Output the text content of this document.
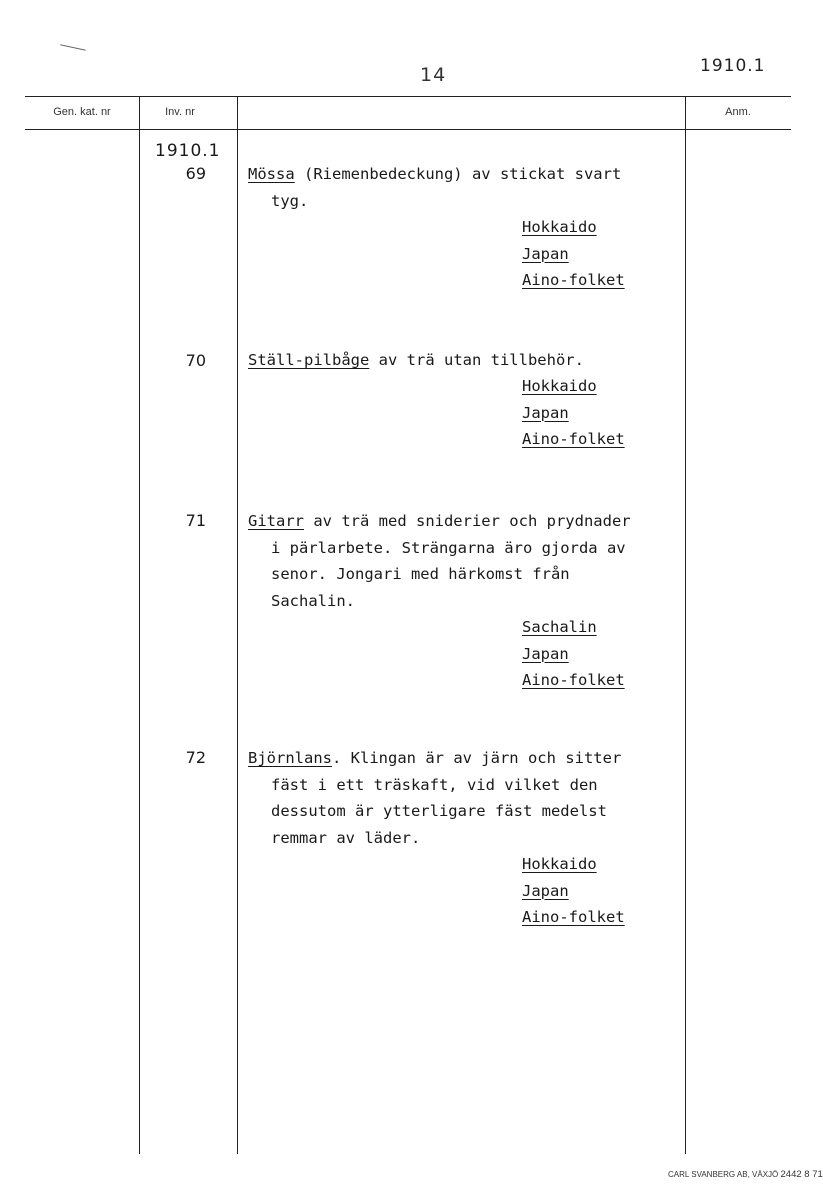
14	1910.1
Gen. kat. nr	Inv. nr	Anm.
1910.1
69	Mössa (Riemenbedeckung) av stickat svart
tyg.
Hokkaido
Japan
Aino-folket
70	Ställ-pilbåge av trä utan tillbehör.
Hokkaido
Japan
Aino-folket
71	Gitarr av trä med sniderier och prydnader
i pärlarbete. Strängarna äro gjorda av
senor. Jongari med härkomst från
Sachalin.
Sachalin
Japan
Aino-folket
72	Björnlans. Klingan är av järn och sitter
fäst i ett träskaft, vid vilket den
dessutom är ytterligare fäst medelst
remmar av läder.
Hokkaido
Japan
Aino-folket
CARL SVANBERG AB, VÄXJÖ 2442 8 71
